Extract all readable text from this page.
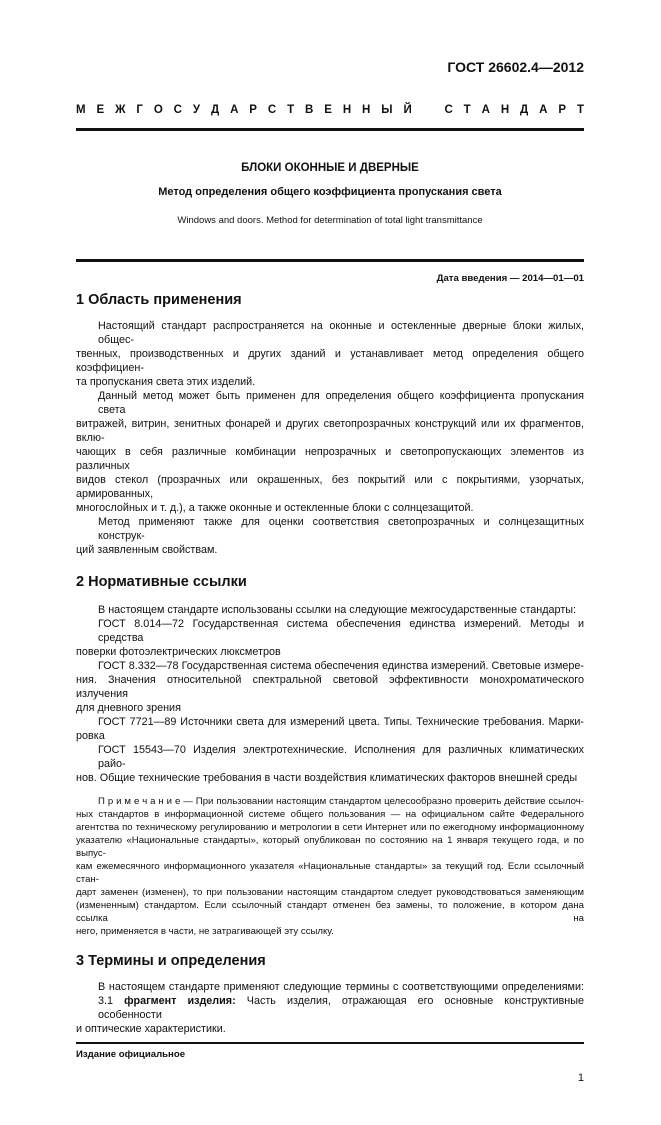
ГОСТ 26602.4—2012
М Е Ж Г О С У Д А Р С Т В Е Н Н Ы Й   С Т А Н Д А Р Т
БЛОКИ ОКОННЫЕ И ДВЕРНЫЕ
Метод определения общего коэффициента пропускания света
Windows and doors. Method for determination of total light transmittance
Дата введения — 2014—01—01
1 Область применения
Настоящий стандарт распространяется на оконные и остекленные дверные блоки жилых, общес-
твенных, производственных и других зданий и устанавливает метод определения общего коэффициен-
та пропускания света этих изделий.
Данный метод может быть применен для определения общего коэффициента пропускания света
витражей, витрин, зенитных фонарей и других светопрозрачных конструкций или их фрагментов, вклю-
чающих в себя различные комбинации непрозрачных и светопропускающих элементов из различных
видов стекол (прозрачных или окрашенных, без покрытий или с покрытиями, узорчатых, армированных,
многослойных и т. д.), а также оконные и остекленные блоки с солнцезащитой.
Метод применяют также для оценки соответствия светопрозрачных и солнцезащитных конструк-
ций заявленным свойствам.
2 Нормативные ссылки
В настоящем стандарте использованы ссылки на следующие межгосударственные стандарты:
ГОСТ 8.014—72 Государственная система обеспечения единства измерений. Методы и средства
поверки фотоэлектрических люксметров
ГОСТ 8.332—78 Государственная система обеспечения единства измерений. Световые измере-
ния. Значения относительной спектральной световой эффективности монохроматического излучения
для дневного зрения
ГОСТ 7721—89 Источники света для измерений цвета. Типы. Технические требования. Марки-
ровка
ГОСТ 15543—70 Изделия электротехнические. Исполнения для различных климатических райо-
нов. Общие технические требования в части воздействия климатических факторов внешней среды
П р и м е ч а н и е — При пользовании настоящим стандартом целесообразно проверить действие ссылоч-
ных стандартов в информационной системе общего пользования — на официальном сайте Федерального
агентства по техническому регулированию и метрологии в сети Интернет или по ежегодному информационному
указателю «Национальные стандарты», который опубликован по состоянию на 1 января текущего года, и по выпус-
кам ежемесячного информационного указателя «Национальные стандарты» за текущий год. Если ссылочный стан-
дарт заменен (изменен), то при пользовании настоящим стандартом следует руководствоваться заменяющим
(измененным) стандартом. Если ссылочный стандарт отменен без замены, то положение, в котором дана ссылка на
него, применяется в части, не затрагивающей эту ссылку.
3 Термины и определения
В настоящем стандарте применяют следующие термины с соответствующими определениями:
3.1 фрагмент изделия: Часть изделия, отражающая его основные конструктивные особенности
и оптические характеристики.
Издание официальное
1
